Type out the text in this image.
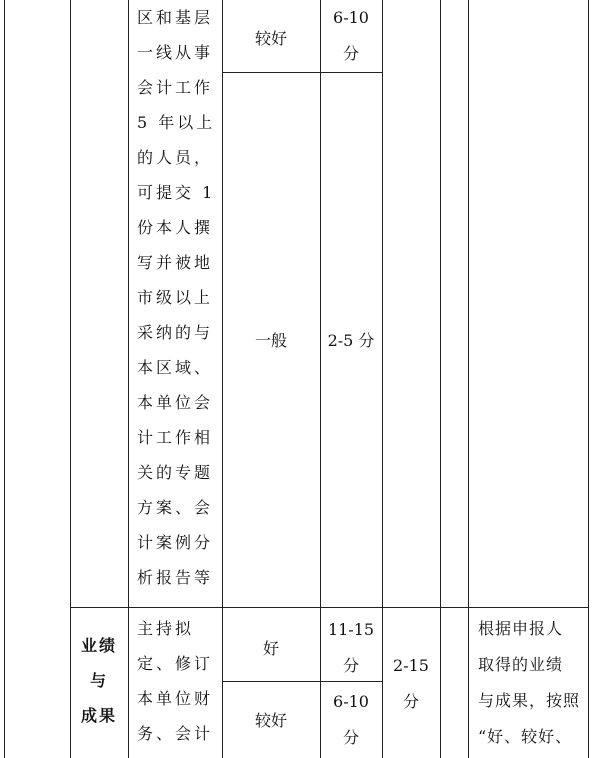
区和基层
一线从事
会计工作
5 年以上
的人员，
可提交 1
份本人撰
写并被地
市级以上
采纳的与
本区域、
本单位会
计工作相
关的专题
方案、会
计案例分
析报告等
较好
6-10
分
一般	2-5 分
业绩
与
成果
主持拟
定、修订
本单位财
务、会计
好
11-15
分
较好
6-10
分
2-15
分
根据申报人
取得的业绩
与成果，按照
“好、较好、
